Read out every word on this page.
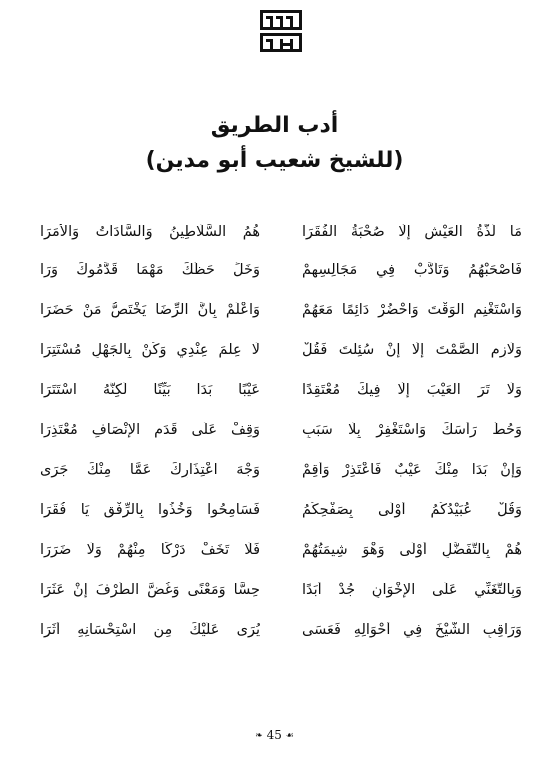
أدب الطريق
(للشيخ شعيب أبو مدين)
مَا لَذَّةُ العَيْشِ إِلَّا صُحْبَةُ الفُقَرَا
هُمُ السَّلَاطِينُ وَالسَّادَاتُ وَالأُمَرَا
فَاصْحَبْهُمُ وَتَأَدَّبْ فِي مَجَالِسِهِمْ
وَخَلِّ حَظَّكَ مَهْمَا قَدَّمُوكَ وَرَا
وَاسْتَغْنِمِ الوَقْتَ وَاحْضُرْ دَائِمًا مَعَهُمْ
وَاعْلَمْ بِأَنَّ الرِّضَا يَخْتَصُّ مَنْ حَضَرَا
وَلَازِمِ الصَّمْتَ إِلَّا إِنْ سُئِلْتَ فَقُلْ
لَا عِلْمَ عِنْدِي وَكُنْ بِالجَهْلِ مُسْتَتِرَا
وَلَا تَرَ العَيْبَ إِلَّا فِيكَ مُعْتَقِدًا
عَيْبًا بَدَا بَيِّنًا لَكِنَّهُ اسْتَتَرَا
وَحُطَّ رَأْسَكَ وَاسْتَغْفِرْ بِلَا سَبَبٍ
وَقِفْ عَلَى قَدَمِ الإِنْصَافِ مُعْتَذِرَا
وَإِنْ بَدَا مِنْكَ عَيْبٌ فَاعْتَذِرْ وَأَقِمْ
وَجْهَ اعْتِذَارِكَ عَمَّا مِنْكَ جَرَى
وَقُلْ عُبَيْدُكُمُ أَوْلَى بِصَفْحِكُمُ
فَسَامِحُوا وَخُذُوا بِالرِّفْقِ يَا فُقَرَا
هُمْ بِالتَّفَضُّلِ أَوْلَى وَهْوَ شِيمَتُهُمْ
فَلَا تَخَفْ دَرْكًا مِنْهُمْ وَلَا ضَرَرَا
وَبِالتَّغَنِّي عَلَى الإِخْوَانِ جُدْ أَبَدًا
حِسًّا وَمَعْنًى وَغُضَّ الطَّرْفَ إِنْ عَثَرَا
وَرَاقِبِ الشَّيْخَ فِي أَحْوَالِهِ فَعَسَى
يُرَى عَلَيْكَ مِنِ اسْتِحْسَانِهِ أَثَرَا
❧ 45 ☙
